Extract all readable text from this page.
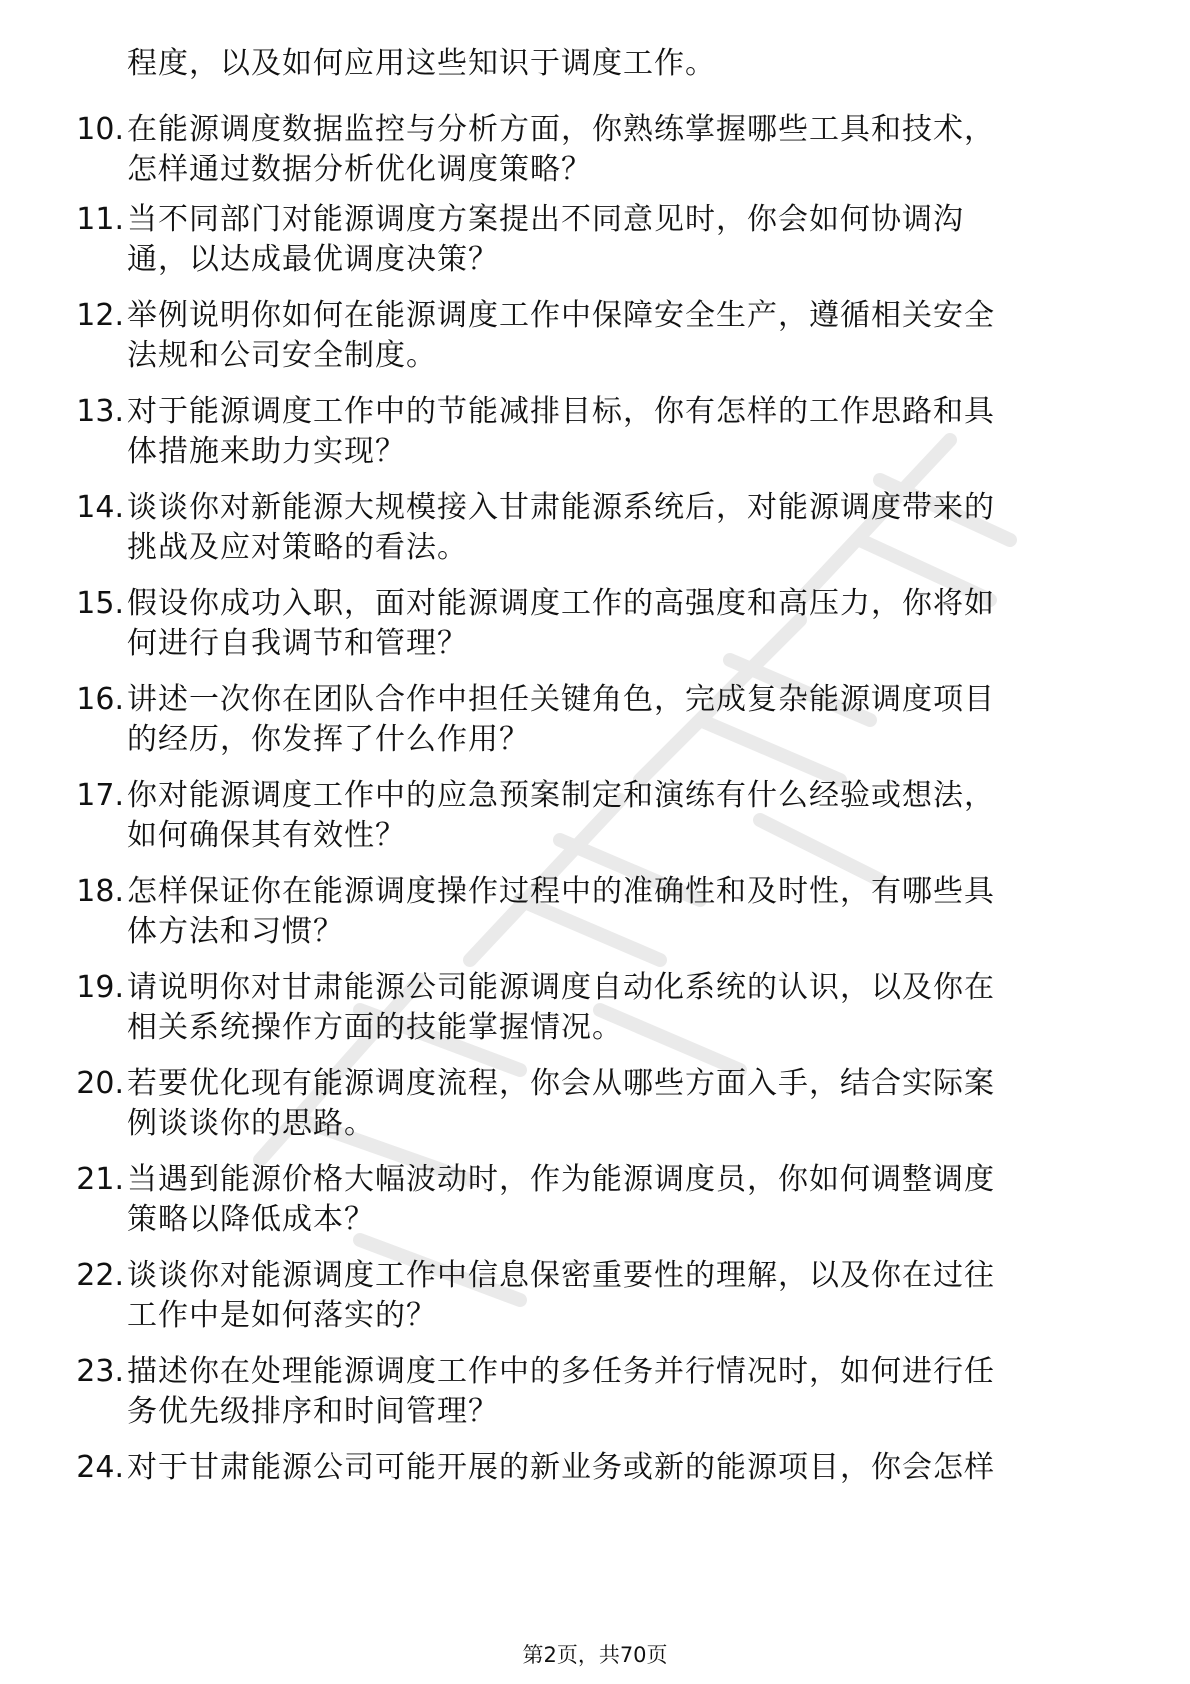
程度，以及如何应用这些知识于调度工作。
10. 在能源调度数据监控与分析方面，你熟练掌握哪些工具和技术，
怎样通过数据分析优化调度策略？
11. 当不同部门对能源调度方案提出不同意见时，你会如何协调沟
通，以达成最优调度决策？
12. 举例说明你如何在能源调度工作中保障安全生产，遵循相关安全
法规和公司安全制度。
13. 对于能源调度工作中的节能减排目标，你有怎样的工作思路和具
体措施来助力实现？
14. 谈谈你对新能源大规模接入甘肃能源系统后，对能源调度带来的
挑战及应对策略的看法。
15. 假设你成功入职，面对能源调度工作的高强度和高压力，你将如
何进行自我调节和管理？
16. 讲述一次你在团队合作中担任关键角色，完成复杂能源调度项目
的经历，你发挥了什么作用？
17. 你对能源调度工作中的应急预案制定和演练有什么经验或想法，
如何确保其有效性？
18. 怎样保证你在能源调度操作过程中的准确性和及时性，有哪些具
体方法和习惯？
19. 请说明你对甘肃能源公司能源调度自动化系统的认识，以及你在
相关系统操作方面的技能掌握情况。
20. 若要优化现有能源调度流程，你会从哪些方面入手，结合实际案
例谈谈你的思路。
21. 当遇到能源价格大幅波动时，作为能源调度员，你如何调整调度
策略以降低成本？
22. 谈谈你对能源调度工作中信息保密重要性的理解，以及你在过往
工作中是如何落实的？
23. 描述你在处理能源调度工作中的多任务并行情况时，如何进行任
务优先级排序和时间管理？
24. 对于甘肃能源公司可能开展的新业务或新的能源项目，你会怎样
第2页，共70页
